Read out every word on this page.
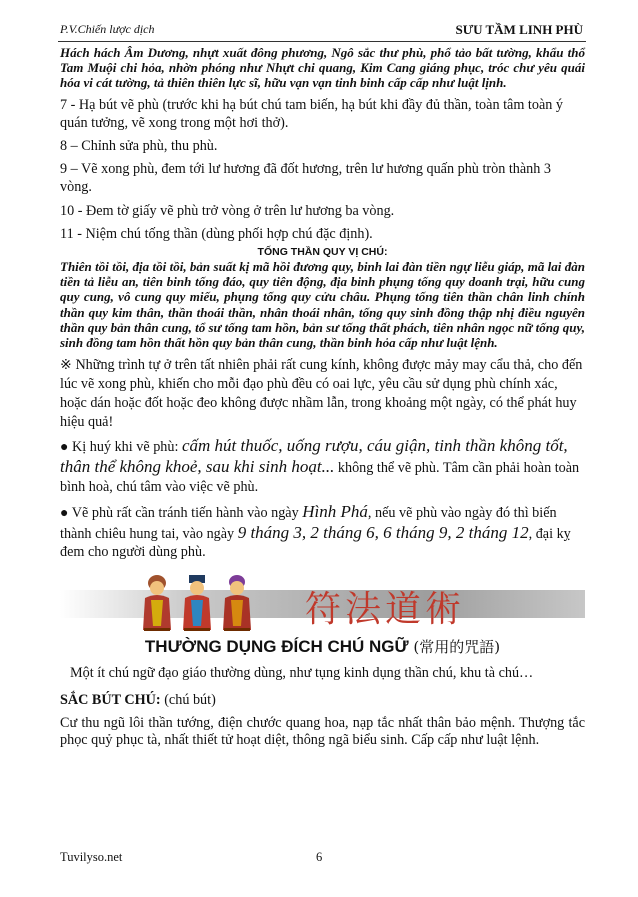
P.V.Chiến lược dịch	SƯU TẦM LINH PHÙ

Hách hách Âm Dương, nhựt xuất đông phương, Ngô sắc thư phù, phổ tảo bất tường, khẩu thổ Tam Muội chi hỏa, nhờn phóng như Nhựt chi quang, Kim Cang giáng phục, tróc chư yêu quái hóa vi cát tường, tả thiên thiên lực sĩ, hữu vạn vạn tinh binh cấp cấp như luật lịnh.

7 - Hạ bút vẽ phù (trước khi hạ bút chú tam biến, hạ bút khi đầy đủ thần, toàn tâm toàn ý quán tưởng, vẽ xong trong một hơi thở).

8 – Chỉnh sửa phù, thu phù.

9 – Vẽ xong phù, đem tới lư hương đã đốt hương, trên lư hương quấn phù tròn thành 3 vòng.

10 - Đem tờ giấy vẽ phù trở vòng ở trên lư hương ba vòng.

11 - Niệm chú tống thần (dùng phối hợp chú đặc định).

TỐNG THẦN QUY VỊ CHÚ:

Thiên tồi tồi, địa tồi tồi, bản suất kị mã hồi đương quy, binh lai đàn tiền ngự liễu giáp, mã lai đàn tiền tả liễu an, tiên binh tống đáo, quy tiên động, địa binh phụng tống quy doanh trại, hữu cung quy cung, vô cung quy miếu, phụng tống quy cửu châu. Phụng tống tiên thần chân linh chính thần quy kim thân, thần thoái thần, nhân thoái nhân, tống quy sinh đồng thập nhị điều nguyên thần quy bản thân cung, tổ sư tống tam hồn, bản sư tống thất phách, tiên nhân ngọc nữ tống quy, sinh đồng tam hồn thất hồn quy bản thân cung, thần binh hỏa cấp như luật lệnh.

※ Những trình tự ở trên tất nhiên phải rất cung kính, không được mảy may cẩu thả, cho đến lúc vẽ xong phù, khiến cho mỗi đạo phù đều có oai lực, yêu cầu sử dụng phù chính xác, hoặc dán hoặc đốt hoặc đeo không được nhầm lẫn, trong khoảng một ngày, có thể phát huy hiệu quả!

● Kị huý khi vẽ phù: cấm hút thuốc, uống rượu, cáu giận, tinh thần không tốt, thân thể không khoẻ, sau khi sinh hoạt... không thể vẽ phù. Tâm cần phải hoàn toàn bình hoà, chú tâm vào việc vẽ phù.

● Vẽ phù rất cần tránh tiến hành vào ngày Hình Phá, nếu vẽ phù vào ngày đó thì biến thành chiêu hung tai, vào ngày 9 tháng 3, 2 tháng 6, 6 tháng 9, 2 tháng 12, đại kỵ đem cho người dùng phù.

符法道術

THƯỜNG DỤNG ĐÍCH CHÚ NGỮ (常用的咒語)

Một ít chú ngữ đạo giáo thường dùng, như tụng kinh dụng thần chú, khu tà chú…

SẮC BÚT CHÚ: (chú bút)

Cư thu ngũ lôi thần tướng, điện chước quang hoa, nạp tắc nhất thân bảo mệnh. Thượng tắc phọc quỷ phục tà, nhất thiết tử hoạt diệt, thông ngã biểu sinh. Cấp cấp như luật lệnh.

Tuvilyso.net	6
